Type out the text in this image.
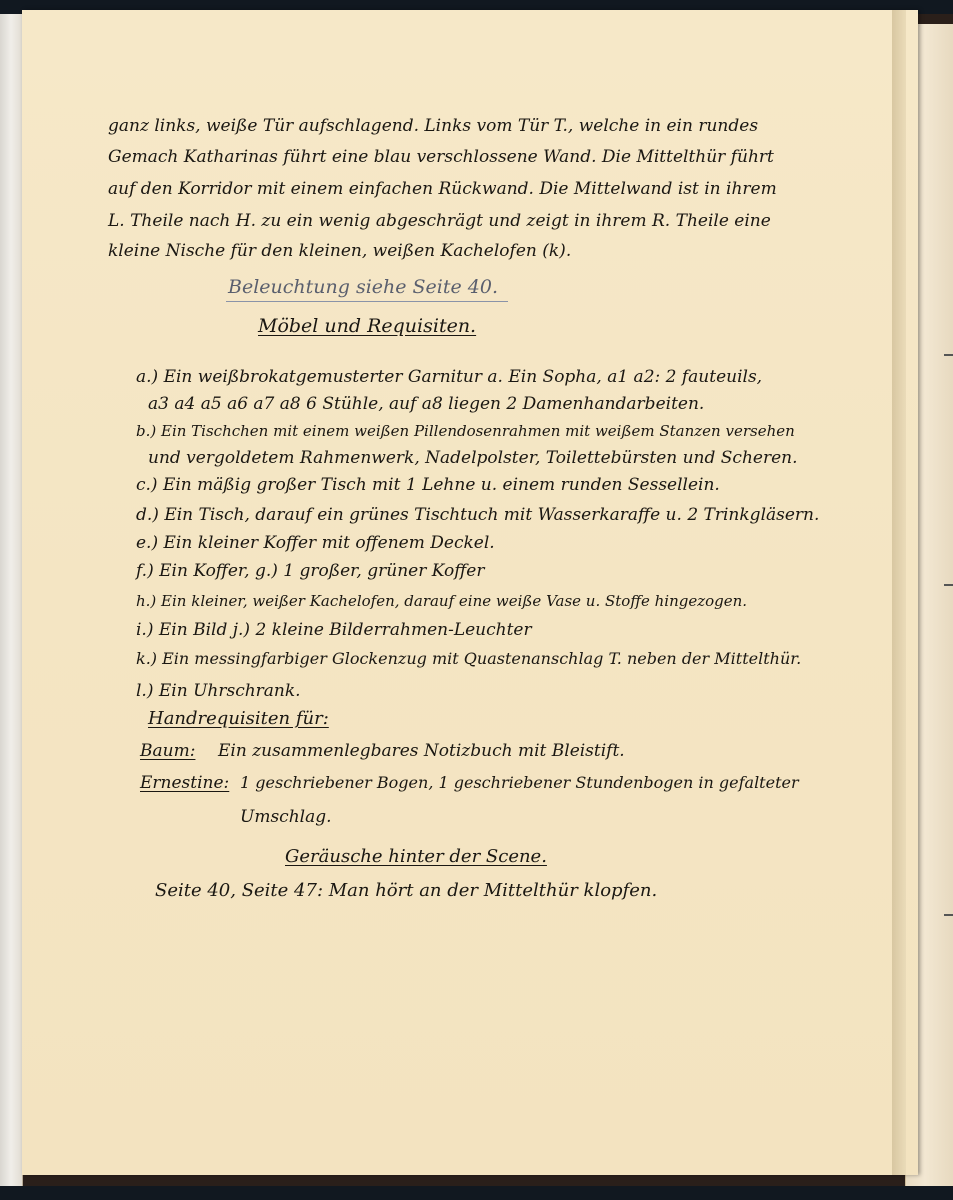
ganz links, weiße Tür aufschlagend. Links vom Tür T., welche in ein rundes
Gemach Katharinas führt eine blau verschlossene Wand. Die Mittelthür führt
auf den Korridor mit einem einfachen Rückwand. Die Mittelwand ist in ihrem
L. Theile nach H. zu ein wenig abgeschrägt und zeigt in ihrem R. Theile eine
kleine Nische für den kleinen, weißen Kachelofen (k).
Beleuchtung siehe Seite 40.
Möbel und Requisiten.
a.) Ein weißbrokatgemusterter Garnitur a. Ein Sopha, a1 a2: 2 fauteuils,
a3 a4 a5 a6 a7 a8 6 Stühle, auf a8 liegen 2 Damenhandarbeiten.
b.) Ein Tischchen mit einem weißen Pillendosenrahmen mit weißem Stanzen versehen
und vergoldetem Rahmenwerk, Nadelpolster, Toilettebürsten und Scheren.
c.) Ein mäßig großer Tisch mit 1 Lehne u. einem runden Sessellein.
d.) Ein Tisch, darauf ein grünes Tischtuch mit Wasserkaraffe u. 2 Trinkgläsern.
e.) Ein kleiner Koffer mit offenem Deckel.
f.) Ein Koffer, g.) 1 großer, grüner Koffer
h.) Ein kleiner, weißer Kachelofen, darauf eine weiße Vase u. Stoffe hingezogen.
i.) Ein Bild j.) 2 kleine Bilderrahmen-Leuchter
k.) Ein messingfarbiger Glockenzug mit Quastenanschlag T. neben der Mittelthür.
l.) Ein Uhrschrank.
Handrequisiten für:
Baum: Ein zusammenlegbares Notizbuch mit Bleistift.
Ernestine: 1 geschriebener Bogen, 1 geschriebener Stundenbogen in gefalteter
Umschlag.
Geräusche hinter der Scene.
Seite 40, Seite 47: Man hört an der Mittelthür klopfen.
